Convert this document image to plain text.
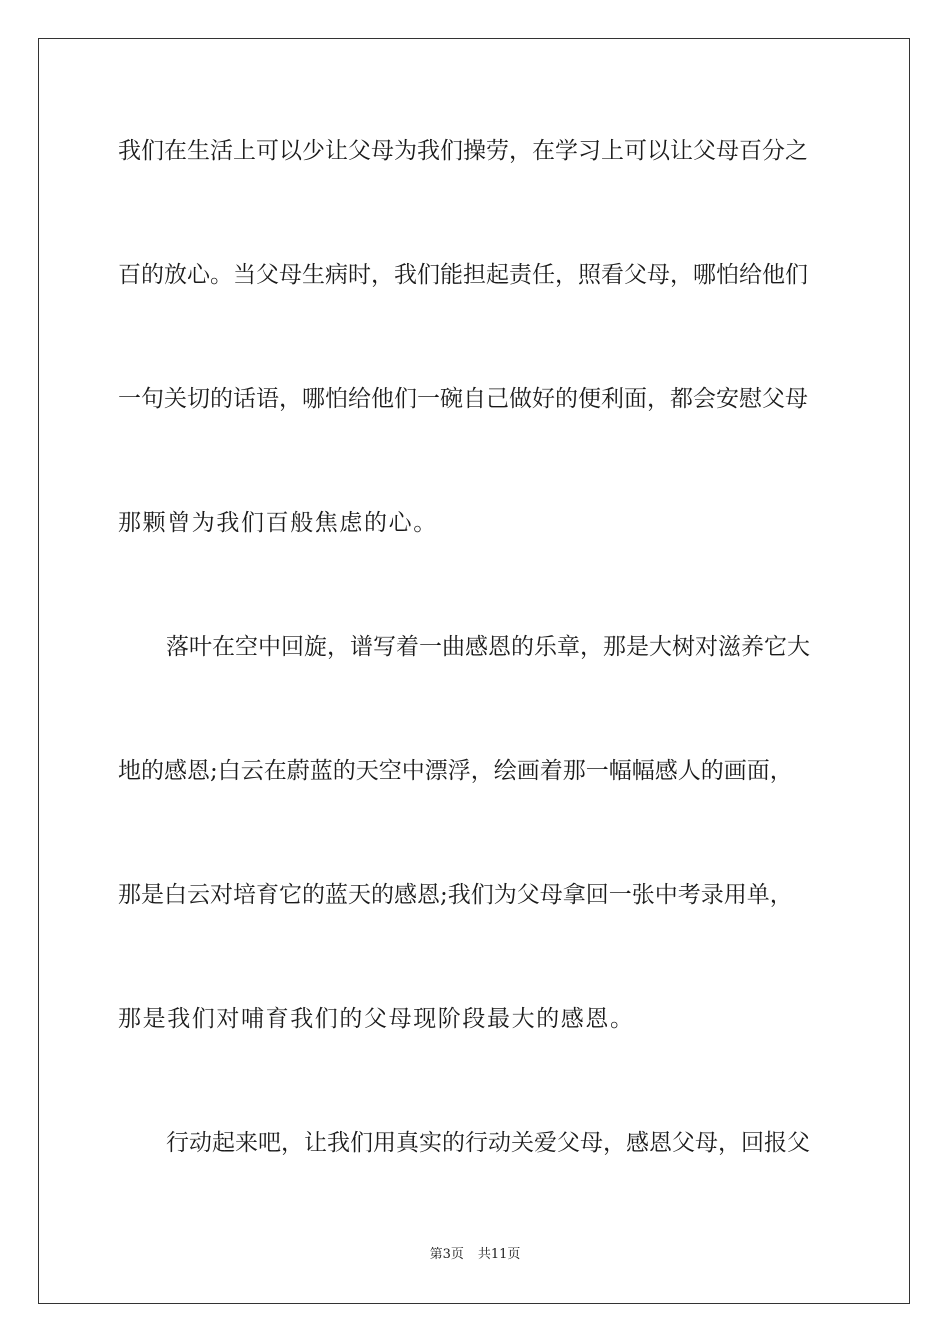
我们在生活上可以少让父母为我们操劳，在学习上可以让父母百分之
百的放心。当父母生病时，我们能担起责任，照看父母，哪怕给他们
一句关切的话语，哪怕给他们一碗自己做好的便利面，都会安慰父母
那颗曾为我们百般焦虑的心。
落叶在空中回旋，谱写着一曲感恩的乐章，那是大树对滋养它大
地的感恩;白云在蔚蓝的天空中漂浮，绘画着那一幅幅感人的画面，
那是白云对培育它的蓝天的感恩;我们为父母拿回一张中考录用单，
那是我们对哺育我们的父母现阶段最大的感恩。
行动起来吧，让我们用真实的行动关爱父母，感恩父母，回报父
第3页 共11页
